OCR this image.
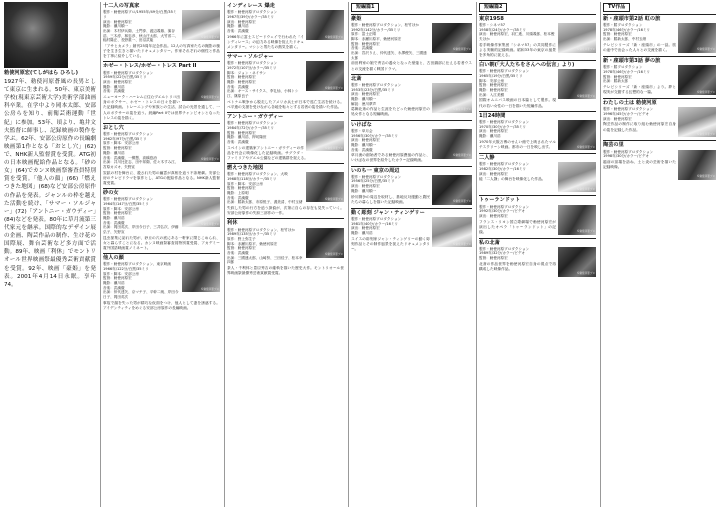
勅使河原宏(てしがはら ひろし)
1927年、勅使河原蒼風の長男として東京に生まれる。50年、東京美術学校(現東京芸術大学)美術学部油画科卒業。在学中より岡本太郎、安部公房らを知り、前衛芸術運動「世紀」に参加。53年、頃より、亀井文夫監督に師事し、記録映画の製作を学ぶ。62年、安部公房原作の長編劇映画第1作となる「おとし穴」(62)で、NHK新人監督賞を受賞。ATG初の日本映画配給作品となる。「砂の女」(64)でカンヌ映画祭審査員特別賞を受賞。「他人の顔」(66)「燃えつきた地図」(68)など安部公房原作の作品を発表。ジャンルの枠を越えた活動を続け、「サマー・ソルジャー」(72)「アントニー・ガウディー」(84)などを発表。80年に草月流第三代家元を継承。国際的なデザイン展の企画、陶芸作品の制作、生け花の国際展、舞台芸術など多方面で活動。89年、映画「利休」でモントリオール世界映画祭最優秀芸術貢献賞を受賞。92年、映画「豪姫」を発表。2001年4月14日永眠。享年74。
十二人の写真家
©勅使河原プロ
製作・勅使河原プロ/1955年/49分/白黒/35ミリ
演出：勅使河原宏
撮影：瀬川順一
出演：木村伊兵衛、土門拳、渡辺義雄、濱谷浩、三木淳、林忠彦、秋山庄太郎、大竹省二、稲村隆正、長野重一、田沼武能
「アサヒカメラ」創刊25周年記念作品。12人の写真家たちの撮影の様子を生き生きと描いたドキュメンタリー。作家それぞれの個性と作品を丁寧に紹介している。
ホゼー・トレス/ホゼー・トレス Part II
©勅使河原プロ
製作・勅使河原プロダクション
1959年/22分/白黒/35ミリ
演出：勅使河原宏
撮影：瀬川浩
音楽：武満徹
ニューヨーク・ハーレムに住むプエルトリコ出身のボクサー、ホゼー・トレスの日々を描いた記録映画。トレーニングや家族との生活、試合の光景を通して、一人のボクサーの姿を追う。続編Part IIでは世界チャンピオンとなったトレスの姿を描く。
おとし穴
©勅使河原プロ
製作・勅使河原プロダクション
1962年/97分/白黒/35ミリ
原作・脚本：安部公房
監督：勅使河原宏
撮影：瀬川浩
音楽：武満徹、一柳慧、高橋悠治
出演：井川比佐志、田中邦衛、佐々木すみ江、宮原カズオ、矢野宣
炭鉱の村を舞台に、殺された男の幽霊が真相を追う不条理劇。安部公房のテレビドラマを原作とし、ATGの配給作品となる。NHK新人監督賞受賞。
砂の女
©勅使河原プロ
製作・勅使河原プロダクション
1964年/147分/白黒/35ミリ
原作・脚本：安部公房
監督：勅使河原宏
撮影：瀬川浩
音楽：武満徹
出演：岡田英次、岸田今日子、三井弘次、伊藤弘子、矢野宣
昆虫採集に訪れた男が、砂丘の穴の底にある一軒家に閉じこめられ、女と暮らすことになる。カンヌ映画祭審査員特別賞受賞、アカデミー賞外国語映画賞ノミネート。
他人の顔
©勅使河原プロ
製作・勅使河原プロダクション、東京映画
1966年/122分/白黒/35ミリ
原作・脚本：安部公房
監督：勅使河原宏
撮影：瀬川浩
音楽：武満徹
出演：仲代達矢、京マチ子、平幹二朗、岸田今日子、岡田英次
事故で顔を失った男が精巧な仮面をつけ、他人として妻を誘惑する。アイデンティティをめぐる安部公房原作の長編映画。
インディレース 爆走
©勅使河原プロ
製作・勅使河原プロダクション
1967年/39分/カラー/35ミリ
演出：勅使河原宏
撮影：瀬川浩
音楽：武満徹
1966年に富士スピードウェイで行われた「インディレース」の迫力ある映像を捉えたドキュメンタリー。マシンと男たちの熱気を描く。
サマー・ソルジャー
©勅使河原プロ
製作・勅使河原プロダクション
1972年/107分/カラー/35ミリ
脚本：ジョン・ネイサン
監督：勅使河原宏
撮影：勅使河原宏
音楽：武満徹
出演：キース・サイクス、李礼仙、小林トシ江、篠原良子
ベトナム戦争から脱走したアメリカ兵士が日本で逃亡生活を続ける。ベ平連の支援を受けながら各地を転々とする若者の姿を描いた作品。
アントニー・ガウディー
©勅使河原プロ
製作・勅使河原プロダクション
1984年/72分/カラー/35ミリ
監督：勅使河原宏
撮影：瀬川浩、押切隆世
音楽：武満徹
スペインの建築家アントニー・ガウディーの作品を丹念に映像化した記録映画。サグラダ・ファミリアやグエル公園などの建築群を捉える。
燃えつきた地図
©勅使河原プロ
製作・勅使河原プロダクション、大映
1968年/118分/カラー/35ミリ
原作・脚本：安部公房
監督：勅使河原宏
撮影：上原明
音楽：武満徹
出演：勝新太郎、市原悦子、渥美清、中村玉緒
失踪した男の行方を追う探偵が、次第に自らの存在も見失っていく。安部公房原作の失踪三部作の一作。
利休
©勅使河原プロ
製作・勅使河原プロダクション、松竹ほか
1989年/135分/カラー/35ミリ
原作：野上弥生子
脚本：赤瀬川原平、勅使河原宏
監督：勅使河原宏
音楽：武満徹
出演：三國連太郎、山崎努、三田佳子、松本幸四郎
茶人・千利休と豊臣秀吉の確執を描いた歴史大作。モントリオール世界映画祭最優秀芸術貢献賞受賞。
短編篇1
豪姫
©勅使河原プロ
製作・勅使河原プロダクション、松竹ほか
1992年/142分/カラー/35ミリ
原作：富士正晴
脚本：赤瀬川原平、勅使河原宏
監督：勅使河原宏
音楽：武満徹
出演：宮沢りえ、仲代達矢、永澤俊矢、三國連太郎
前田利家の娘で秀吉の養女となった豪姫と、古田織部に仕える若者ウスとの交流を描く戦国ドラマ。
北斎
©勅使河原プロ
製作・勅使河原プロダクション
1953年/23分/白黒/35ミリ
演出：勅使河原宏
撮影：瀬川順一
解説：徳川夢声
葛飾北斎の作品と生涯をたどった勅使河原宏の処女作となる短編映画。
いけばな
©勅使河原プロ
製作・草月会
1956年/30分/カラー/35ミリ
演出：勅使河原宏
撮影：瀬川順一
音楽：武満徹
草月流の創始者である勅使河原蒼風の作品と、いけばなの世界を紹介したカラー記録映画。
いのち一 東京の周辺
©勅使河原プロ
製作・勅使河原プロダクション
1956年/25分/白黒/35ミリ
演出：勅使河原宏
撮影：瀬川順一
砂川闘争の周辺を取材し、基地反対運動と農民たちの暮らしを描いた記録映画。
動く彫刻 ジャン・ティンゲリー
©勅使河原プロ
製作・勅使河原プロダクション
1981年/40分/カラー/16ミリ
演出：勅使河原宏
撮影：瀬川浩
スイスの彫刻家ジャン・ティンゲリーの動く彫刻作品とその制作風景を捉えたドキュメンタリー。
短編篇2
東京1958
©勅使河原プロ
製作・シネマ57
1958年/24分/カラー/35ミリ
演出：勅使河原宏、羽仁進、川頭義郎、松本俊夫ほか
若手映像作家集団「シネマ57」の共同製作による実験的記録映画。昭和33年の東京の風景を多角的に捉える。
白い朝(「大人たちをさんへの伝言」より)
©勅使河原プロ
製作・勅使河原プロダクション
1965年/19分/白黒/35ミリ
脚本：安部公房
監督：勅使河原宏
撮影：勅使河原宏
出演：入江美樹
国際オムニバス映画の日本篇として製作。現代の若い女性の一日を描いた短編作品。
1日24時間
©勅使河原プロ
製作・勅使河原プロダクション
1970年/30分/カラー/35ミリ
演出：勅使河原宏
撮影：瀬川浩
1970年大阪万博のせんい館で上映されたマルチスクリーン映画。都市の一日を映し出す。
二人静
©勅使河原プロ
製作・勅使河原プロダクション
1982年/30分/カラー/16ミリ
演出：勅使河原宏
能「二人静」の舞台を映像化した作品。
トゥーランドット
©勅使河原プロ
製作・勅使河原プロダクション
1992年/30分/カラー/ビデオ
演出：勅使河原宏
フランス・リヨン国立歌劇場で勅使河原宏が演出したオペラ「トゥーランドット」の記録。
私の北斎
©勅使河原プロ
製作・勅使河原プロダクション
1989年/32分/カラー/ビデオ
監督：勅使河原宏
北斎の作品世界を勅使河原宏自身の視点で再構成した映像作品。
TV作品
新・座頭市第2話 虹の旅
©勅使河原プロ
製作・勝プロダクション
1978年/46分/カラー/16ミリ
監督：勅使河原宏
出演：勝新太郎、中村玉緒
テレビシリーズ「新・座頭市」の一話。旅の途中で出会った人々との交流を描く。
新・座頭市第3話 夢の旅
©勅使河原プロ
製作・勝プロダクション
1978年/46分/カラー/16ミリ
監督：勅使河原宏
出演：勝新太郎
テレビシリーズ「新・座頭市」より。夢と現実が交錯する幻想的な一篇。
わたしの土は 勅使河原
©勅使河原プロ
製作・勅使河原プロダクション
1996年/45分/カラー/ビデオ
演出：勅使河原宏
陶芸作品の制作に取り組む勅使河原宏自身の姿を記録した作品。
陶芸の里
©勅使河原プロ
製作・勅使河原プロダクション
1998年/30分/カラー/ビデオ
越前の窯場を訪ね、土と炎の芸術を描いた記録映像。
